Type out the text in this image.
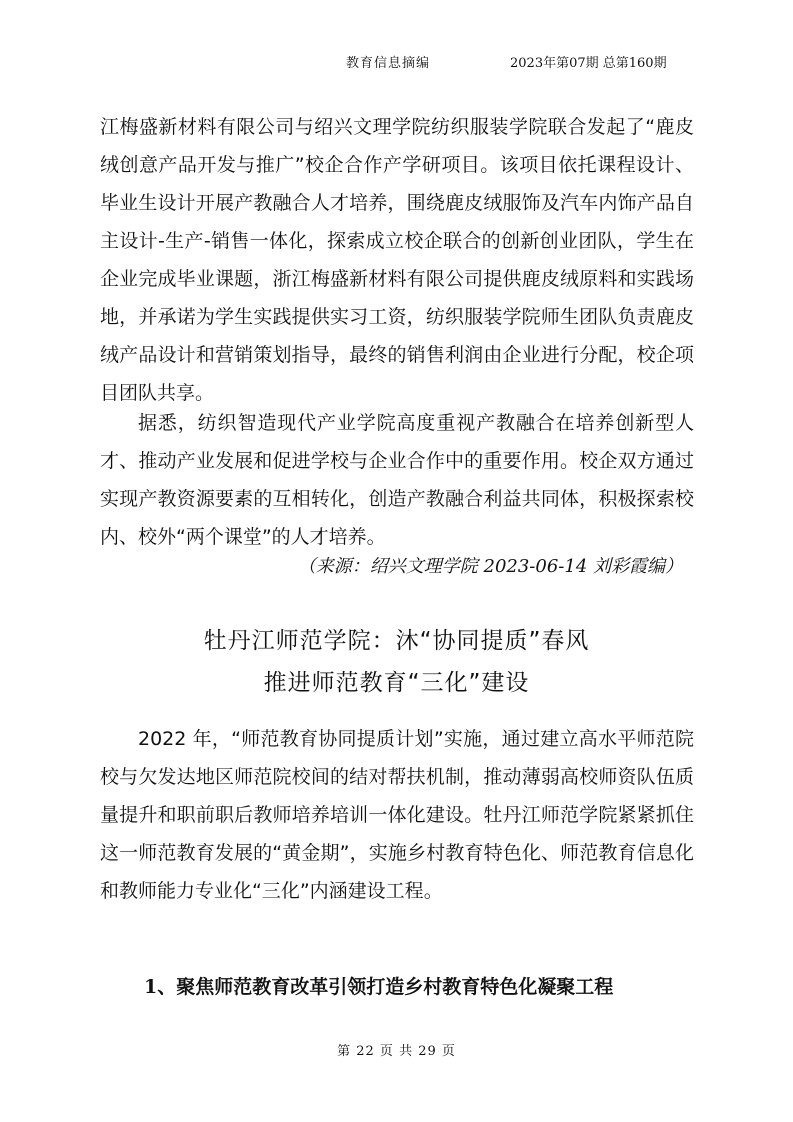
教育信息摘编	2023年第07期 总第160期
江梅盛新材料有限公司与绍兴文理学院纺织服装学院联合发起了“鹿皮绒创意产品开发与推广”校企合作产学研项目。该项目依托课程设计、毕业生设计开展产教融合人才培养，围绕鹿皮绒服饰及汽车内饰产品自主设计-生产-销售一体化，探索成立校企联合的创新创业团队，学生在企业完成毕业课题，浙江梅盛新材料有限公司提供鹿皮绒原料和实践场地，并承诺为学生实践提供实习工资，纺织服装学院师生团队负责鹿皮绒产品设计和营销策划指导，最终的销售利润由企业进行分配，校企项目团队共享。
据悉，纺织智造现代产业学院高度重视产教融合在培养创新型人才、推动产业发展和促进学校与企业合作中的重要作用。校企双方通过实现产教资源要素的互相转化，创造产教融合利益共同体，积极探索校内、校外“两个课堂”的人才培养。
（来源：绍兴文理学院 2023-06-14 刘彩霞编）
牡丹江师范学院：沐“协同提质”春风
推进师范教育“三化”建设
2022 年，“师范教育协同提质计划”实施，通过建立高水平师范院校与欠发达地区师范院校间的结对帮扶机制，推动薄弱高校师资队伍质量提升和职前职后教师培养培训一体化建设。牡丹江师范学院紧紧抓住这一师范教育发展的“黄金期”，实施乡村教育特色化、师范教育信息化和教师能力专业化“三化”内涵建设工程。
1、聚焦师范教育改革引领打造乡村教育特色化凝聚工程
第 22 页 共 29 页
